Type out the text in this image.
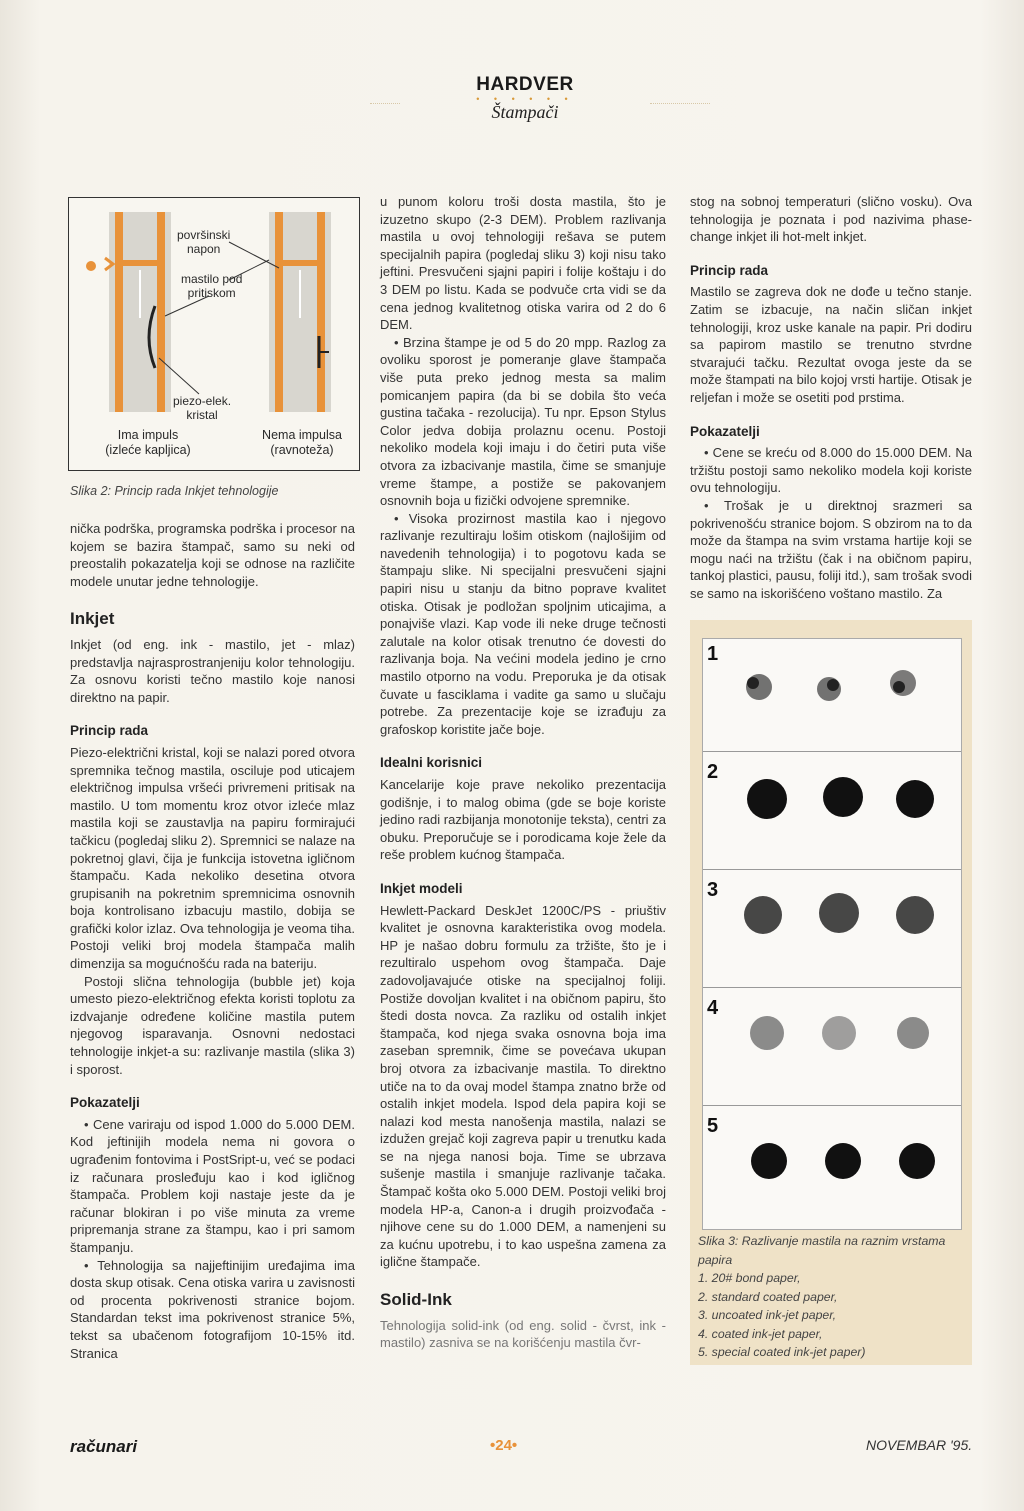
HARDVER
• • • • • •
Štampači
površinski
napon
mastilo pod
pritiskom
piezo-elek.
kristal
Ima impuls
(izleće kapljica)
Nema impulsa
(ravnoteža)
Slika 2: Princip rada Inkjet tehnologije

nička podrška, programska podrška i procesor na kojem se bazira štampač, samo su neki od preostalih pokazatelja koji se odnose na različite modele unutar jedne tehnologije.

Inkjet

Inkjet (od eng. ink - mastilo, jet - mlaz) predstavlja najrasprostranjeniju kolor tehnologiju. Za osnovu koristi tečno mastilo koje nanosi direktno na papir.

Princip rada

Piezo-električni kristal, koji se nalazi pored otvora spremnika tečnog mastila, osciluje pod uticajem električnog impulsa vršeći privremeni pritisak na mastilo. U tom momentu kroz otvor izleće mlaz mastila koji se zaustavlja na papiru formirajući tačkicu (pogledaj sliku 2). Spremnici se nalaze na pokretnoj glavi, čija je funkcija istovetna igličnom štampaču. Kada nekoliko desetina otvora grupisanih na pokretnim spremnicima osnovnih boja kontrolisano izbacuju mastilo, dobija se grafički kolor izlaz. Ova tehnologija je veoma tiha. Postoji veliki broj modela štampača malih dimenzija sa mogućnošću rada na bateriju.

Postoji slična tehnologija (bubble jet) koja umesto piezo-električnog efekta koristi toplotu za izdvajanje određene količine mastila putem njegovog isparavanja. Osnovni nedostaci tehnologije inkjet-a su: razlivanje mastila (slika 3) i sporost.

Pokazatelji

• Cene variraju od ispod 1.000 do 5.000 DEM. Kod jeftinijih modela nema ni govora o ugrađenim fontovima i PostSript-u, već se podaci iz računara prosleđuju kao i kod igličnog štampača. Problem koji nastaje jeste da je računar blokiran i po više minuta za vreme pripremanja strane za štampu, kao i pri samom štampanju.

• Tehnologija sa najjeftinijim uređajima ima dosta skup otisak. Cena otiska varira u zavisnosti od procenta pokrivenosti stranice bojom. Standardan tekst ima pokrivenost stranice 5%, tekst sa ubačenom fotografijom 10-15% itd. Stranica

u punom koloru troši dosta mastila, što je izuzetno skupo (2-3 DEM). Problem razlivanja mastila u ovoj tehnologiji rešava se putem specijalnih papira (pogledaj sliku 3) koji nisu tako jeftini. Presvučeni sjajni papiri i folije koštaju i do 3 DEM po listu. Kada se podvuče crta vidi se da cena jednog kvalitetnog otiska varira od 2 do 6 DEM.

• Brzina štampe je od 5 do 20 mpp. Razlog za ovoliku sporost je pomeranje glave štampača više puta preko jednog mesta sa malim pomicanjem papira (da bi se dobila što veća gustina tačaka - rezolucija). Tu npr. Epson Stylus Color jedva dobija prolaznu ocenu. Postoji nekoliko modela koji imaju i do četiri puta više otvora za izbacivanje mastila, čime se smanjuje vreme štampe, a postiže se pakovanjem osnovnih boja u fizički odvojene spremnike.

• Visoka prozirnost mastila kao i njegovo razlivanje rezultiraju lošim otiskom (najlošijim od navedenih tehnologija) i to pogotovu kada se štampaju slike. Ni specijalni presvučeni sjajni papiri nisu u stanju da bitno poprave kvalitet otiska. Otisak je podložan spoljnim uticajima, a ponajviše vlazi. Kap vode ili neke druge tečnosti zalutale na kolor otisak trenutno će dovesti do razlivanja boja. Na većini modela jedino je crno mastilo otporno na vodu. Preporuka je da otisak čuvate u fasciklama i vadite ga samo u slučaju potrebe. Za prezentacije koje se izrađuju za grafoskop koristite jače boje.

Idealni korisnici

Kancelarije koje prave nekoliko prezentacija godišnje, i to malog obima (gde se boje koriste jedino radi razbijanja monotonije teksta), centri za obuku. Preporučuje se i porodicama koje žele da reše problem kućnog štampača.

Inkjet modeli

Hewlett-Packard DeskJet 1200C/PS - priuštiv kvalitet je osnovna karakteristika ovog modela. HP je našao dobru formulu za tržište, što je i rezultiralo uspehom ovog štampača. Daje zadovoljavajuće otiske na specijalnoj foliji. Postiže dovoljan kvalitet i na običnom papiru, što štedi dosta novca. Za razliku od ostalih inkjet štampača, kod njega svaka osnovna boja ima zaseban spremnik, čime se povećava ukupan broj otvora za izbacivanje mastila. To direktno utiče na to da ovaj model štampa znatno brže od ostalih inkjet modela. Ispod dela papira koji se nalazi kod mesta nanošenja mastila, nalazi se izdužen grejač koji zagreva papir u trenutku kada se na njega nanosi boja. Time se ubrzava sušenje mastila i smanjuje razlivanje tačaka. Štampač košta oko 5.000 DEM. Postoji veliki broj modela HP-a, Canon-a i drugih proizvođača - njihove cene su do 1.000 DEM, a namenjeni su za kućnu upotrebu, i to kao uspešna zamena za iglične štampače.

Solid-Ink

Tehnologija solid-ink (od eng. solid - čvrst, ink - mastilo) zasniva se na korišćenju mastila čvr-

stog na sobnoj temperaturi (slično vosku). Ova tehnologija je poznata i pod nazivima phase-change inkjet ili hot-melt inkjet.

Princip rada

Mastilo se zagreva dok ne dođe u tečno stanje. Zatim se izbacuje, na način sličan inkjet tehnologiji, kroz uske kanale na papir. Pri dodiru sa papirom mastilo se trenutno stvrdne stvarajući tačku. Rezultat ovoga jeste da se može štampati na bilo kojoj vrsti hartije. Otisak je reljefan i može se osetiti pod prstima.

Pokazatelji

• Cene se kreću od 8.000 do 15.000 DEM. Na tržištu postoji samo nekoliko modela koji koriste ovu tehnologiju.

• Trošak je u direktnoj srazmeri sa pokrivenošću stranice bojom. S obzirom na to da može da štampa na svim vrstama hartije koji se mogu naći na tržištu (čak i na običnom papiru, tankoj plastici, pausu, foliji itd.), sam trošak svodi se samo na iskorišćeno voštano mastilo. Za

1
2
3
4
5
Slika 3: Razlivanje mastila na raznim vrstama papira
1. 20# bond paper,
2. standard coated paper,
3. uncoated ink-jet paper,
4. coated ink-jet paper,
5. special coated ink-jet paper)
računari	•24•	NOVEMBAR '95.
